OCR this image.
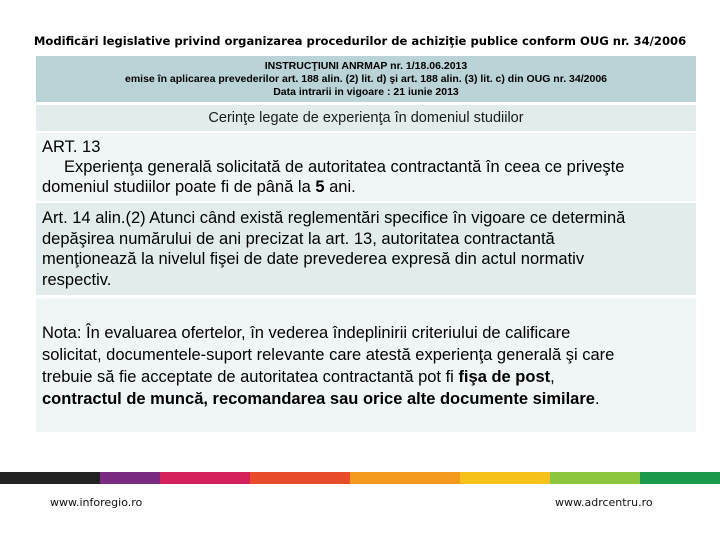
Modificări legislative privind organizarea procedurilor de achiziţie publice conform OUG nr. 34/2006
INSTRUCŢIUNI ANRMAP nr. 1/18.06.2013
emise în aplicarea prevederilor art. 188 alin. (2) lit. d) şi art. 188 alin. (3) lit. c) din OUG nr. 34/2006
Data intrarii in vigoare : 21 iunie 2013
Cerinţe legate de experienţa în domeniul studiilor
ART. 13
Experienţa generală solicitată de autoritatea contractantă în ceea ce priveşte
domeniul studiilor poate fi de până la 5 ani.
Art. 14 alin.(2) Atunci când există reglementări specifice în vigoare ce determină
depăşirea numărului de ani precizat la art. 13, autoritatea contractantă
menţionează la nivelul fişei de date prevederea expresă din actul normativ
respectiv.
Nota: În evaluarea ofertelor, în vederea îndeplinirii criteriului de calificare
solicitat, documentele-suport relevante care atestă experienţa generală şi care
trebuie să fie acceptate de autoritatea contractantă pot fi fişa de post,
contractul de muncă, recomandarea sau orice alte documente similare.
www.inforegio.ro	www.adrcentru.ro
